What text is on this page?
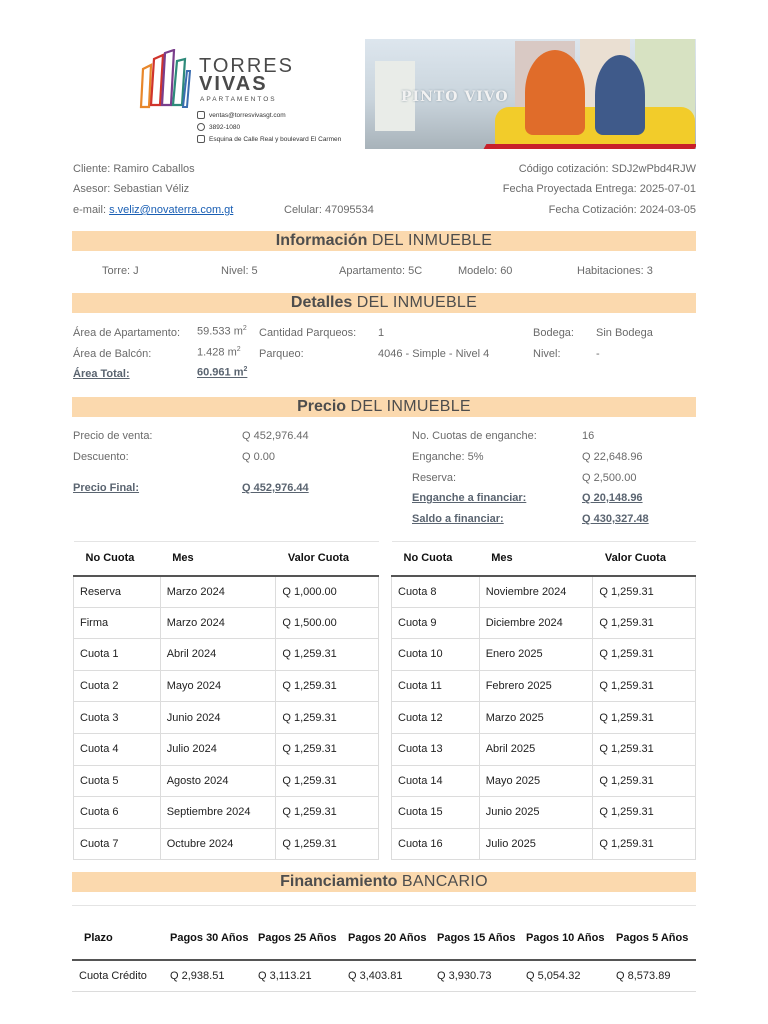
TORRES
VIVAS
APARTAMENTOS
ventas@torresvivasgt.com
3892-1080
Esquina de Calle Real y boulevard El Carmen
PINTO VIVO
Cliente: Ramiro Caballos
Asesor: Sebastian Véliz
e-mail: s.veliz@novaterra.com.gt	Celular: 47095534
Código cotización: SDJ2wPbd4RJW
Fecha Proyectada Entrega: 2025-07-01
Fecha Cotización: 2024-03-05
Información DEL INMUEBLE
Torre: J	Nivel: 5	Apartamento: 5C	Modelo: 60	Habitaciones: 3
Detalles DEL INMUEBLE
Área de Apartamento: 59.533 $m^2$
Área de Balcón:	1.428 $m^2$
Área Total:	60.961 $m^2$
Cantidad Parqueos: 1
Parqueo:	4046 - Simple - Nivel 4
Bodega: Sin Bodega
Nivel:	-
Precio DEL INMUEBLE
Precio de venta:	Q 452,976.44
Descuento:	Q 0.00
Precio Final:	Q 452,976.44
No. Cuotas de enganche:	16
Enganche: 5%	Q 22,648.96
Reserva:	Q 2,500.00
Enganche a financiar:	Q 20,148.96
Saldo a financiar:	Q 430,327.48
No Cuota	Mes	Valor Cuota
Reserva	Marzo 2024	Q 1,000.00
Firma	Marzo 2024	Q 1,500.00
Cuota 1	Abril 2024	Q 1,259.31
Cuota 2	Mayo 2024	Q 1,259.31
Cuota 3	Junio 2024	Q 1,259.31
Cuota 4	Julio 2024	Q 1,259.31
Cuota 5	Agosto 2024	Q 1,259.31
Cuota 6	Septiembre 2024	Q 1,259.31
Cuota 7	Octubre 2024	Q 1,259.31
No Cuota	Mes	Valor Cuota
Cuota 8	Noviembre 2024	Q 1,259.31
Cuota 9	Diciembre 2024	Q 1,259.31
Cuota 10	Enero 2025	Q 1,259.31
Cuota 11	Febrero 2025	Q 1,259.31
Cuota 12	Marzo 2025	Q 1,259.31
Cuota 13	Abril 2025	Q 1,259.31
Cuota 14	Mayo 2025	Q 1,259.31
Cuota 15	Junio 2025	Q 1,259.31
Cuota 16	Julio 2025	Q 1,259.31
Financiamiento BANCARIO
Plazo	Pagos 30 Años	Pagos 25 Años	Pagos 20 Años	Pagos 15 Años	Pagos 10 Años	Pagos 5 Años
Cuota Crédito	Q 2,938.51	Q 3,113.21	Q 3,403.81	Q 3,930.73	Q 5,054.32	Q 8,573.89
